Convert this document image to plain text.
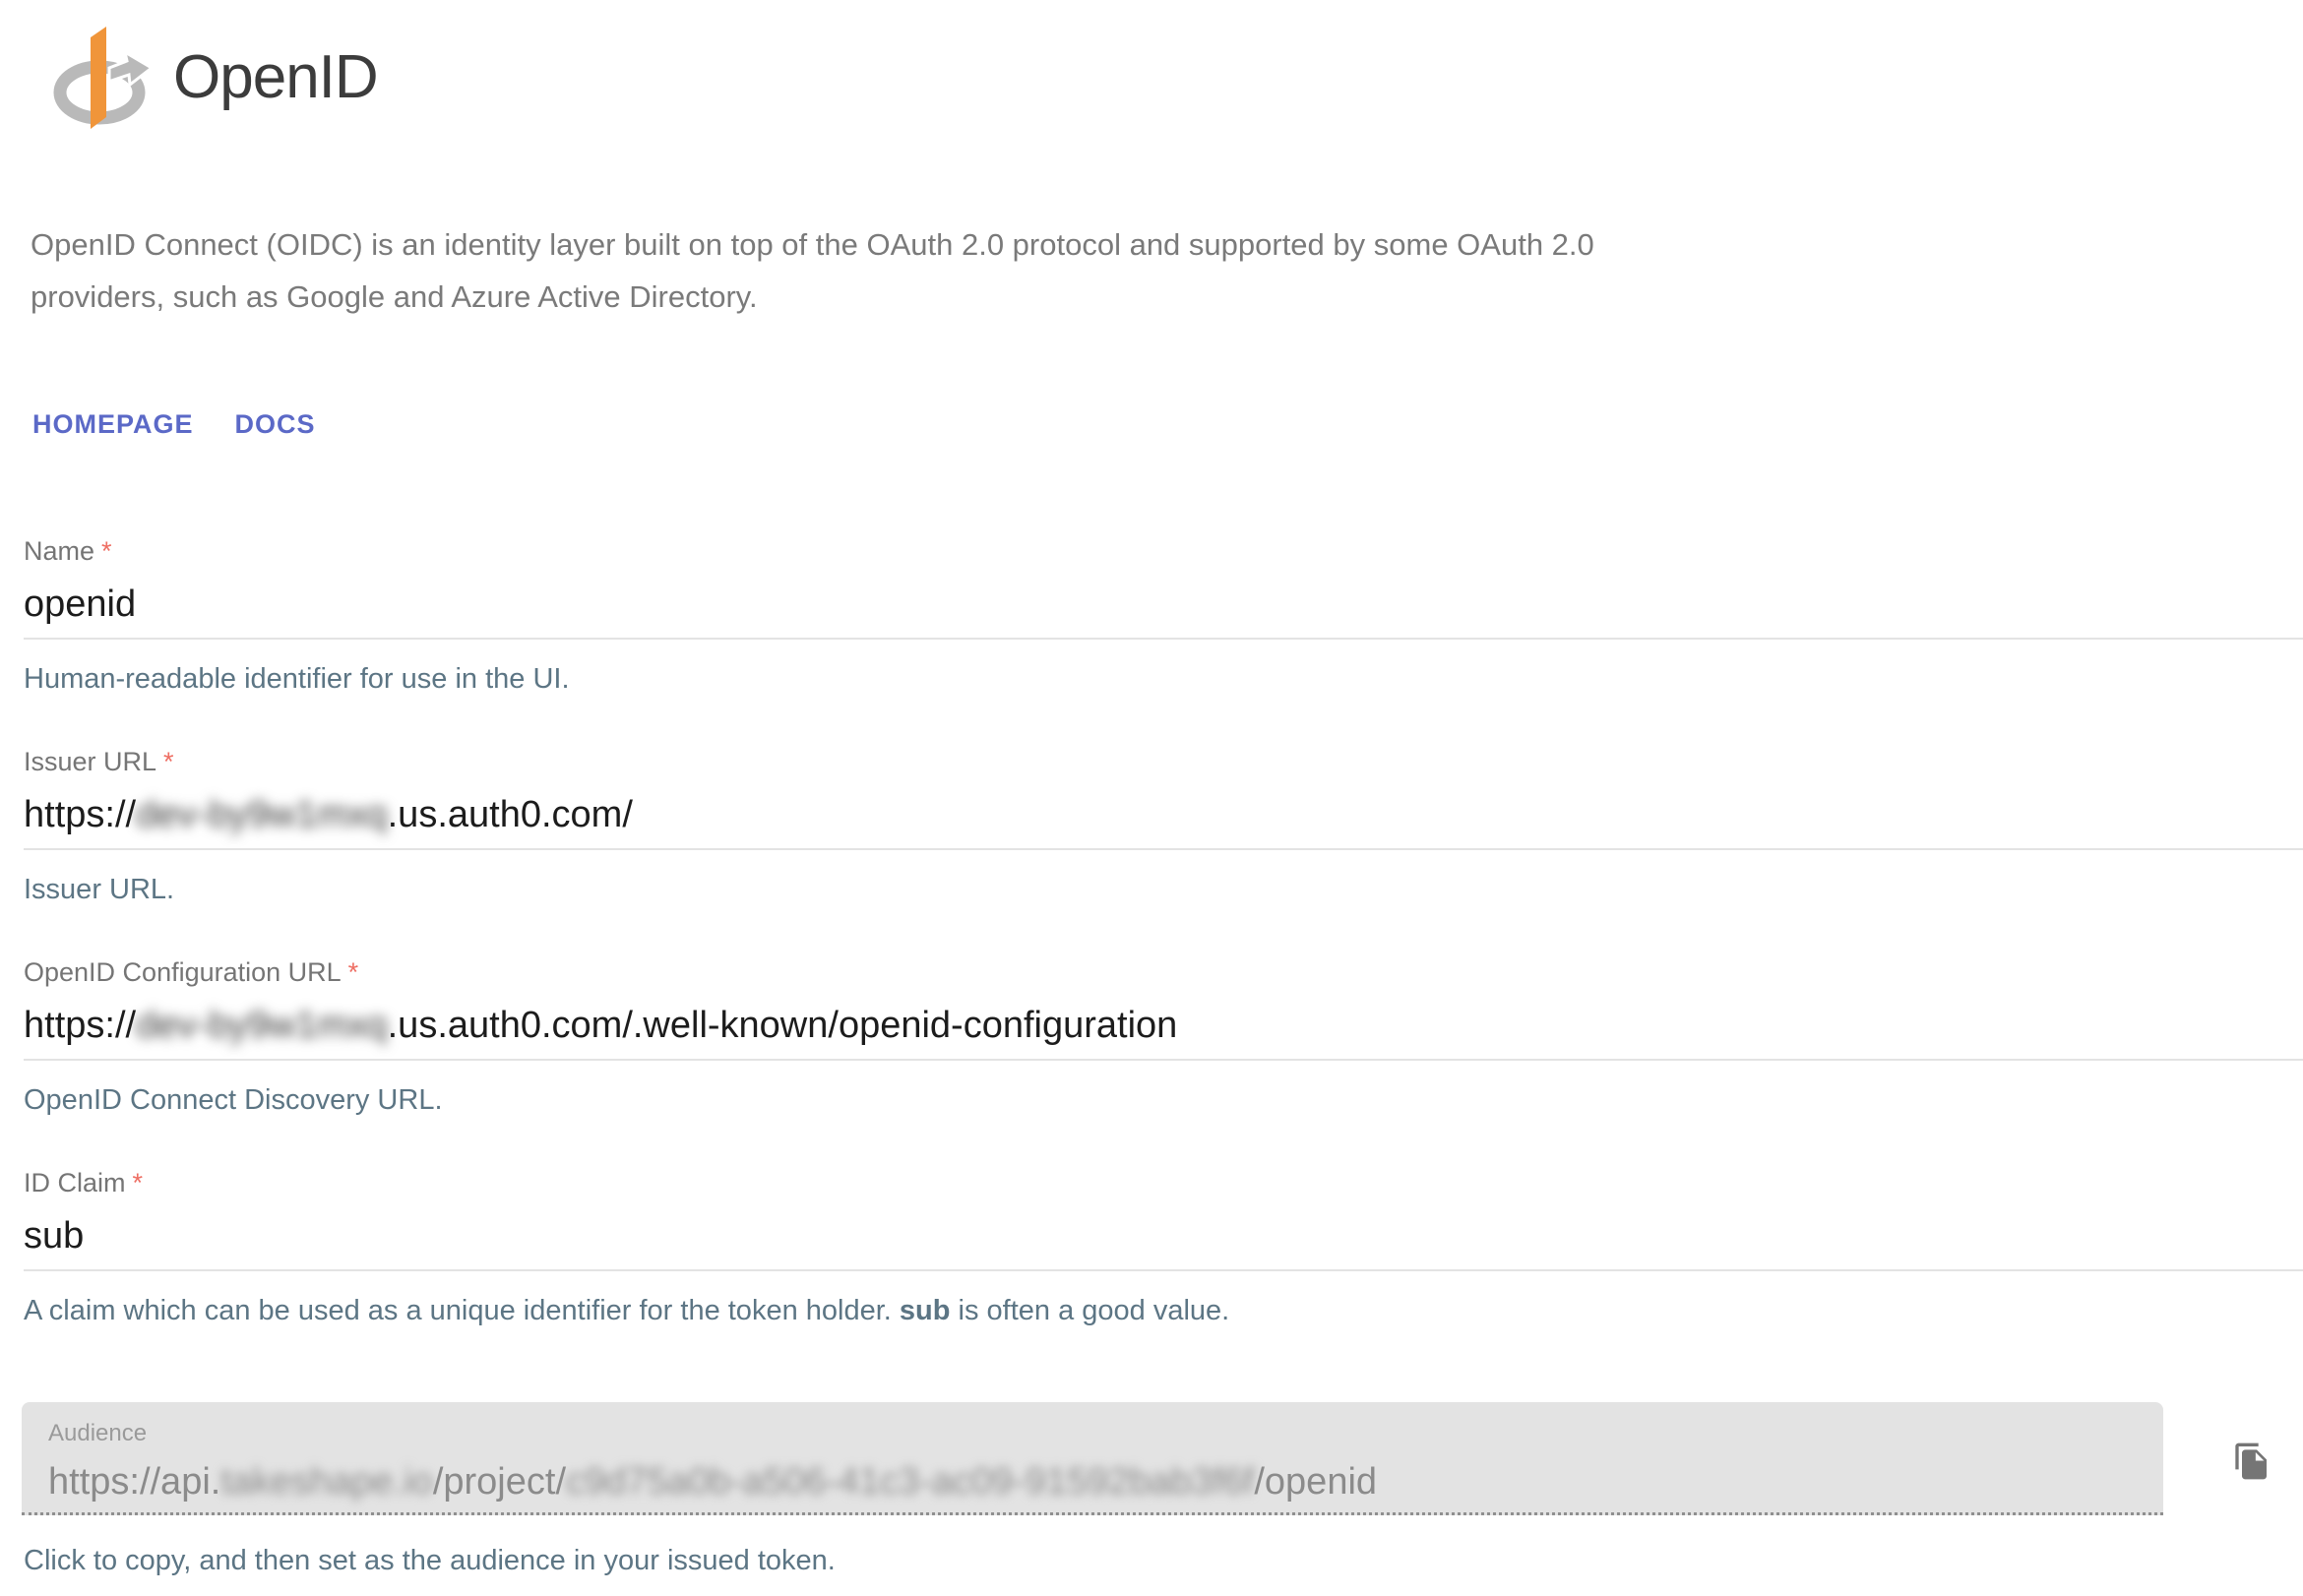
OpenID
OpenID Connect (OIDC) is an identity layer built on top of the OAuth 2.0 protocol and supported by some OAuth 2.0
providers, such as Google and Azure Active Directory.
HOMEPAGE DOCS
Name *
openid
Human-readable identifier for use in the UI.
Issuer URL *
https://dev-by9w1mxq.us.auth0.com/
Issuer URL.
OpenID Configuration URL *
https://dev-by9w1mxq.us.auth0.com/.well-known/openid-configuration
OpenID Connect Discovery URL.
ID Claim *
sub
A claim which can be used as a unique identifier for the token holder. sub is often a good value.
Audience
https://api.takeshape.io/project/c9d75a0b-a506-41c3-ac09-91592bab3f6f/openid
Click to copy, and then set as the audience in your issued token.
